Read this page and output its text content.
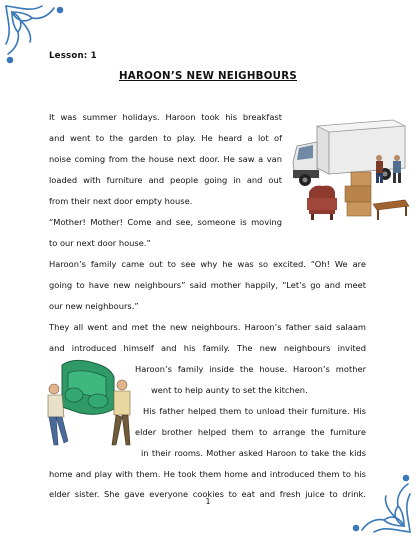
Lesson: 1
HAROON’S NEW NEIGHBOURS
It was summer holidays. Haroon took his breakfast
and went to the garden to play. He heard a lot of
noise coming from the house next door. He saw a van
loaded with furniture and people going in and out
from their next door empty house.
“Mother! Mother! Come and see, someone is moving
to our next door house.”
Haroon’s family came out to see why he was so excited. “Oh! We are
going to have new neighbours” said mother happily, “Let’s go and meet
our new neighbours.”
They all went and met the new neighbours. Haroon’s father said salaam
and introduced himself and his family. The new neighbours invited
Haroon’s family inside the house. Haroon’s mother
went to help aunty to set the kitchen.
His father helped them to unload their furniture. His
elder brother helped them to arrange the furniture
in their rooms. Mother asked Haroon to take the kids
home and play with them. He took them home and introduced them to his
elder sister. She gave everyone cookies to eat and fresh juice to drink.
1
